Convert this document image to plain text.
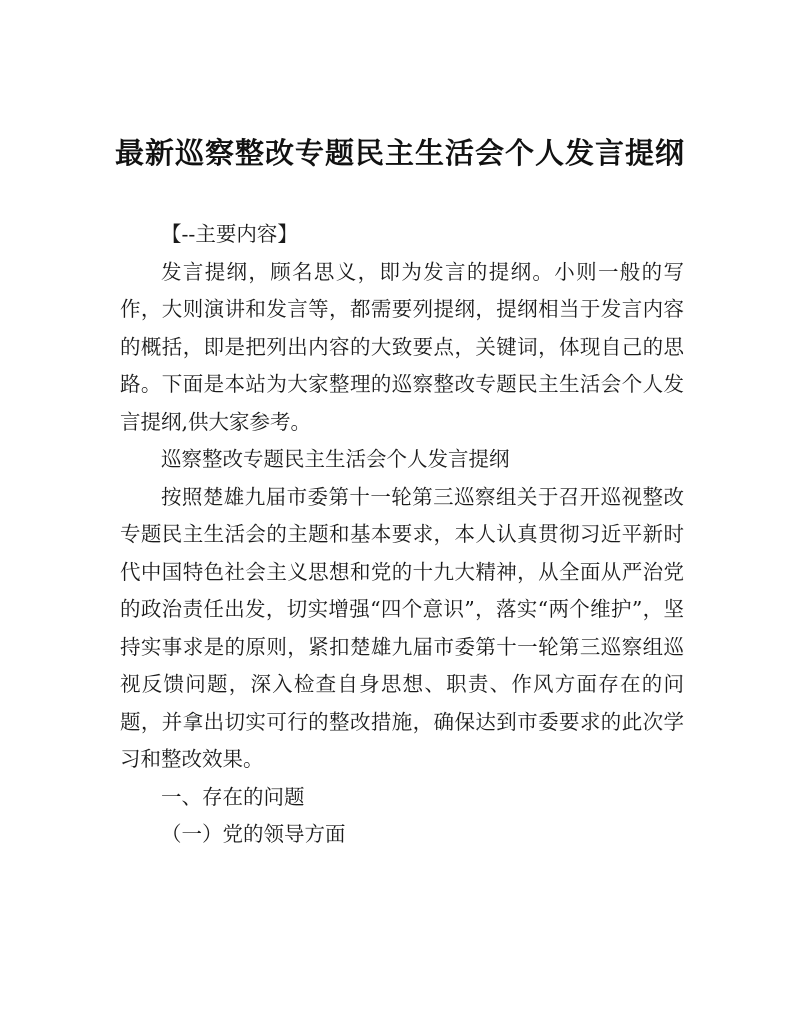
最新巡察整改专题民主生活会个人发言提纲

【--主要内容】

发言提纲，顾名思义，即为发言的提纲。小则一般的写作，大则演讲和发言等，都需要列提纲，提纲相当于发言内容的概括，即是把列出内容的大致要点，关键词，体现自己的思路。下面是本站为大家整理的巡察整改专题民主生活会个人发言提纲,供大家参考。

巡察整改专题民主生活会个人发言提纲

按照楚雄九届市委第十一轮第三巡察组关于召开巡视整改专题民主生活会的主题和基本要求，本人认真贯彻习近平新时代中国特色社会主义思想和党的十九大精神，从全面从严治党的政治责任出发，切实增强“四个意识”，落实“两个维护”，坚持实事求是的原则，紧扣楚雄九届市委第十一轮第三巡察组巡视反馈问题，深入检查自身思想、职责、作风方面存在的问题，并拿出切实可行的整改措施，确保达到市委要求的此次学习和整改效果。

一、存在的问题

（一）党的领导方面
